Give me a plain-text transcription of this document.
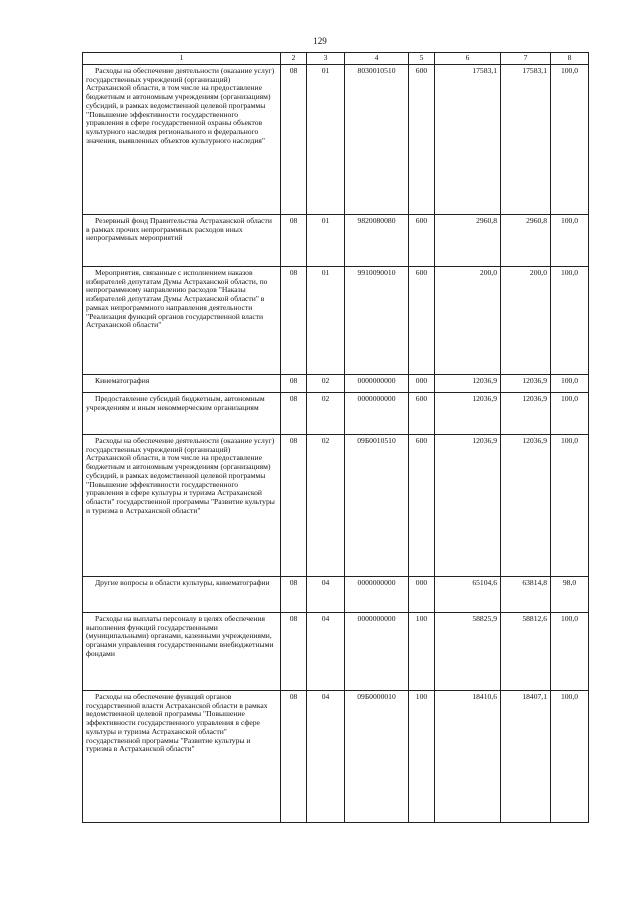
129
1	2	3	4	5	6	7	8
Расходы на обеспечение деятельности (оказание услуг) государственных учреждений (организаций) Астраханской области, в том числе на предоставление бюджетным и автономным учреждениям (организациям) субсидий, в рамках ведомственной целевой программы "Повышение эффективности государственного управления в сфере государственной охраны объектов культурного наследия регионального и федерального значения, выявленных объектов культурного наследия"	08	01	8030010510	600	17583,1	17583,1	100,0
Резервный фонд Правительства Астраханской области в рамках прочих непрограммных расходов иных непрограммных мероприятий	08	01	9820080080	600	2960,8	2960,8	100,0
Мероприятия, связанные с исполнением наказов избирателей депутатам Думы Астраханской области, по непрограммному направлению расходов "Наказы избирателей депутатам Думы Астраханской области" в рамках непрограммного направления деятельности "Реализация функций органов государственной власти Астраханской области"	08	01	9910090010	600	200,0	200,0	100,0
Кинематография	08	02	0000000000	000	12036,9	12036,9	100,0
Предоставление субсидий бюджетным, автономным учреждениям и иным некоммерческим организациям	08	02	0000000000	600	12036,9	12036,9	100,0
Расходы на обеспечение деятельности (оказание услуг) государственных учреждений (организаций) Астраханской области, в том числе на предоставление бюджетным и автономным учреждениям (организациям) субсидий, в рамках ведомственной целевой программы "Повышение эффективности государственного управления в сфере культуры и туризма Астраханской области" государственной программы "Развитие культуры и туризма в Астраханской области"	08	02	09Б0010510	600	12036,9	12036,9	100,0
Другие вопросы в области культуры, кинематографии	08	04	0000000000	000	65104,6	63814,8	98,0
Расходы на выплаты персоналу в целях обеспечения выполнения функций государственными (муниципальными) органами, казенными учреждениями, органами управления государственными внебюджетными фондами	08	04	0000000000	100	58825,9	58812,6	100,0
Расходы на обеспечение функций органов государственной власти Астраханской области в рамках ведомственной целевой программы "Повышение эффективности государственного управления в сфере культуры и туризма Астраханской области" государственной программы "Развитие культуры и туризма в Астраханской области"	08	04	09Б0000010	100	18410,6	18407,1	100,0
